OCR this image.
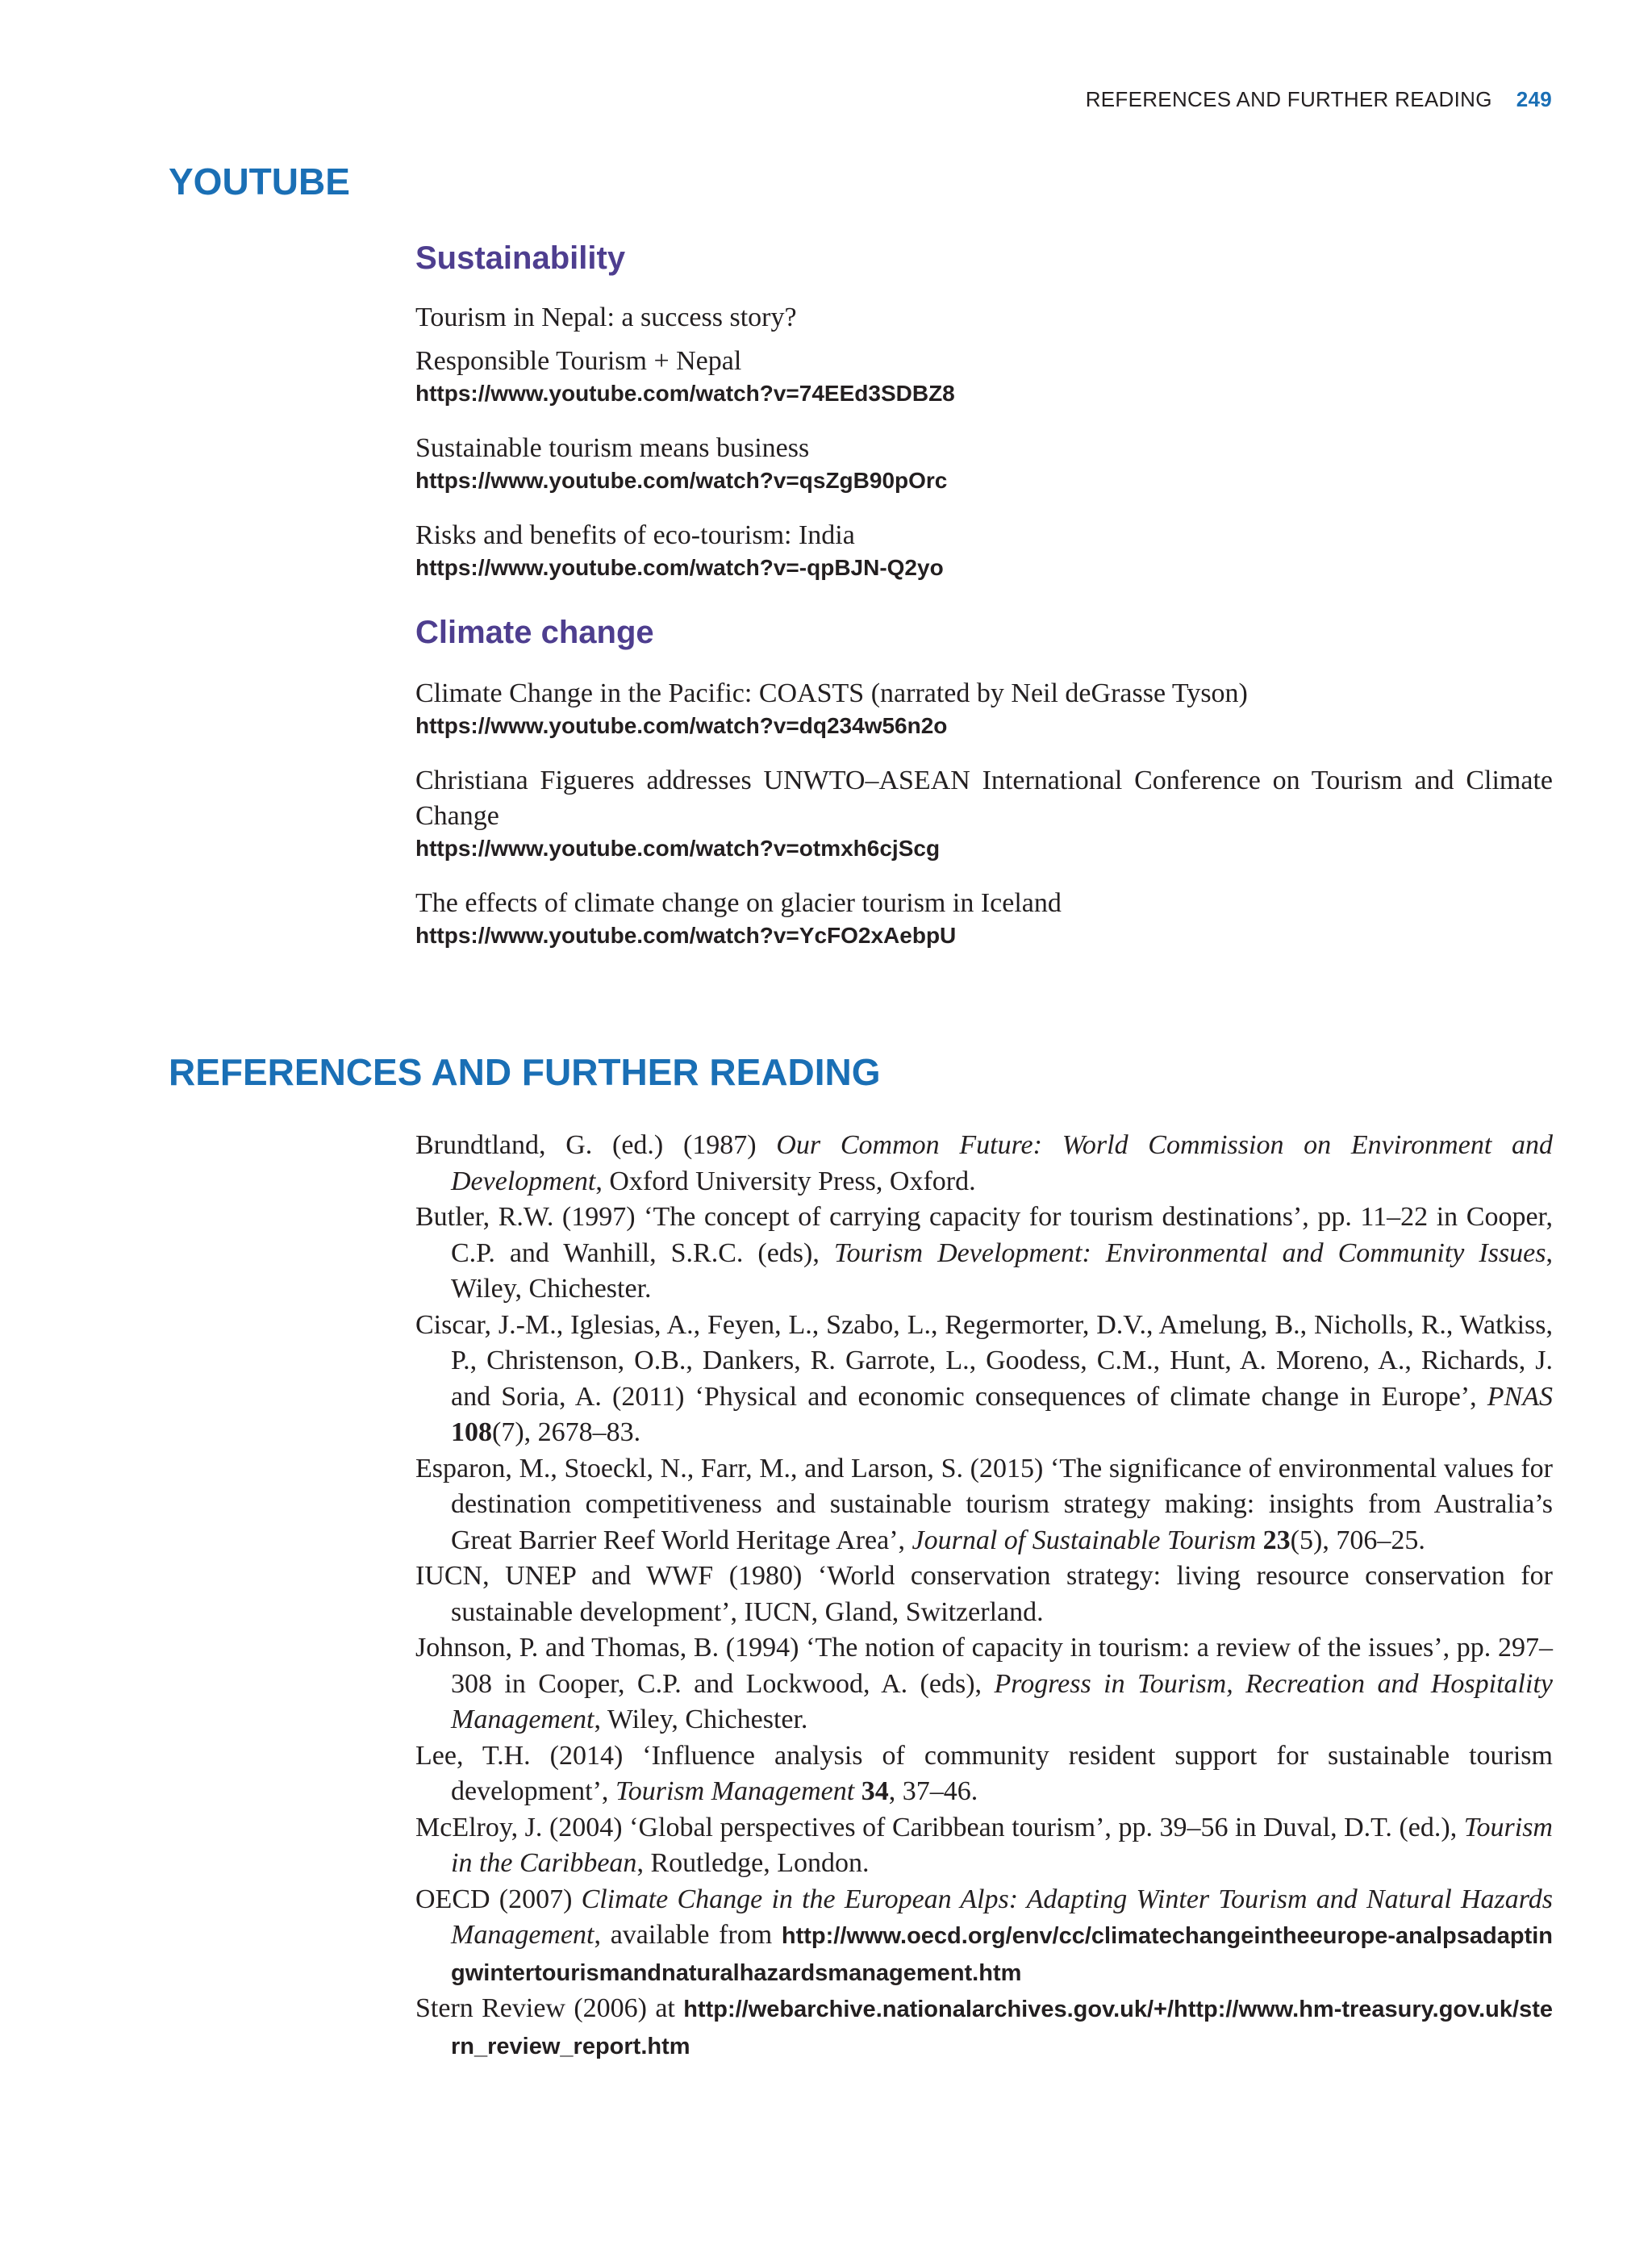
REFERENCES AND FURTHER READING 249
YOUTUBE
Sustainability
Tourism in Nepal: a success story?
Responsible Tourism + Nepal
https://www.youtube.com/watch?v=74EEd3SDBZ8
Sustainable tourism means business
https://www.youtube.com/watch?v=qsZgB90pOrc
Risks and benefits of eco-tourism: India
https://www.youtube.com/watch?v=-qpBJN-Q2yo
Climate change
Climate Change in the Pacific: COASTS (narrated by Neil deGrasse Tyson)
https://www.youtube.com/watch?v=dq234w56n2o
Christiana Figueres addresses UNWTO–ASEAN International Conference on Tourism and Climate Change
https://www.youtube.com/watch?v=otmxh6cjScg
The effects of climate change on glacier tourism in Iceland
https://www.youtube.com/watch?v=YcFO2xAebpU
REFERENCES AND FURTHER READING

Brundtland, G. (ed.) (1987) Our Common Future: World Commission on Environment and Development, Oxford University Press, Oxford.

Butler, R.W. (1997) ‘The concept of carrying capacity for tourism destinations’, pp. 11–22 in Cooper, C.P. and Wanhill, S.R.C. (eds), Tourism Development: Environmental and Community Issues, Wiley, Chichester.

Ciscar, J.-M., Iglesias, A., Feyen, L., Szabo, L., Regermorter, D.V., Amelung, B., Nicholls, R., Watkiss, P., Christenson, O.B., Dankers, R. Garrote, L., Goodess, C.M., Hunt, A. Moreno, A., Richards, J. and Soria, A. (2011) ‘Physical and economic consequences of climate change in Europe’, PNAS 108(7), 2678–83.

Esparon, M., Stoeckl, N., Farr, M., and Larson, S. (2015) ‘The significance of environmental values for destination competitiveness and sustainable tourism strategy making: insights from Australia’s Great Barrier Reef World Heritage Area’, Journal of Sustainable Tourism 23(5), 706–25.

IUCN, UNEP and WWF (1980) ‘World conservation strategy: living resource conservation for sustainable development’, IUCN, Gland, Switzerland.

Johnson, P. and Thomas, B. (1994) ‘The notion of capacity in tourism: a review of the issues’, pp. 297–308 in Cooper, C.P. and Lockwood, A. (eds), Progress in Tourism, Recreation and Hospitality Management, Wiley, Chichester.

Lee, T.H. (2014) ‘Influence analysis of community resident support for sustainable tourism development’, Tourism Management 34, 37–46.

McElroy, J. (2004) ‘Global perspectives of Caribbean tourism’, pp. 39–56 in Duval, D.T. (ed.), Tourism in the Caribbean, Routledge, London.

OECD (2007) Climate Change in the European Alps: Adapting Winter Tourism and Natural Hazards Management, available from http://www.oecd.org/env/cc/climatechangeintheeurope-analpsadaptingwintertourismandnaturalhazardsmanagement.htm

Stern Review (2006) at http://webarchive.nationalarchives.gov.uk/+/http://www.hm-treasury.gov.uk/stern_review_report.htm
